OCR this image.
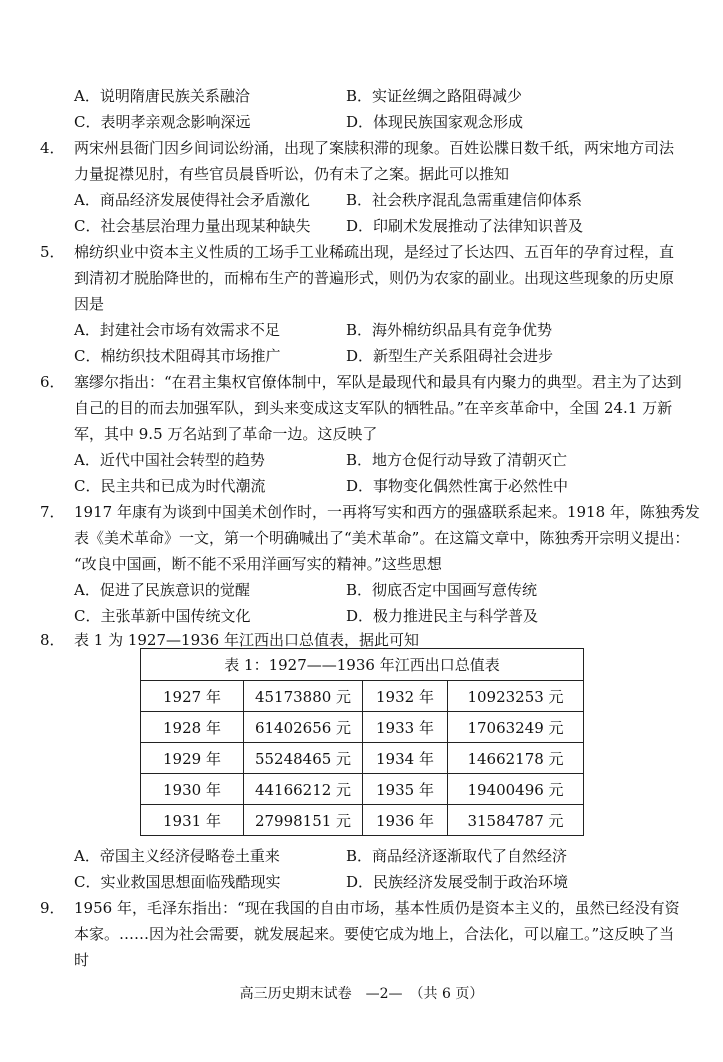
A．说明隋唐民族关系融洽	B．实证丝绸之路阻碍减少
C．表明孝亲观念影响深远	D．体现民族国家观念形成
4． 两宋州县衙门因乡间词讼纷涌，出现了案牍积滞的现象。百姓讼牒日数千纸，两宋地方司法
力量捉襟见肘，有些官员晨昏听讼，仍有未了之案。据此可以推知
A．商品经济发展使得社会矛盾激化 B．社会秩序混乱急需重建信仰体系
C．社会基层治理力量出现某种缺失 D．印刷术发展推动了法律知识普及
5． 棉纺织业中资本主义性质的工场手工业稀疏出现，是经过了长达四、五百年的孕育过程，直
到清初才脱胎降世的，而棉布生产的普遍形式，则仍为农家的副业。出现这些现象的历史原
因是
A．封建社会市场有效需求不足	B．海外棉纺织品具有竞争优势
C．棉纺织技术阻碍其市场推广	D．新型生产关系阻碍社会进步
6． 塞缪尔指出：“在君主集权官僚体制中，军队是最现代和最具有内聚力的典型。君主为了达到
自己的目的而去加强军队，到头来变成这支军队的牺牲品。”在辛亥革命中，全国 24.1 万新
军，其中 9.5 万名站到了革命一边。这反映了
A．近代中国社会转型的趋势	B．地方仓促行动导致了清朝灭亡
C．民主共和已成为时代潮流	D．事物变化偶然性寓于必然性中
7． 1917 年康有为谈到中国美术创作时，一再将写实和西方的强盛联系起来。1918 年，陈独秀发
表《美术革命》一文，第一个明确喊出了“美术革命”。在这篇文章中，陈独秀开宗明义提出：
“改良中国画，断不能不采用洋画写实的精神。”这些思想
A．促进了民族意识的觉醒	B．彻底否定中国画写意传统
C．主张革新中国传统文化	D．极力推进民主与科学普及
8． 表 1 为 1927—1936 年江西出口总值表，据此可知
表 1：1927——1936 年江西出口总值表			
1927 年	45173880 元	1932 年	10923253 元
1928 年	61402656 元	1933 年	17063249 元
1929 年	55248465 元	1934 年	14662178 元
1930 年	44166212 元	1935 年	19400496 元
1931 年	27998151 元	1936 年	31584787 元
A．帝国主义经济侵略卷土重来	B．商品经济逐渐取代了自然经济
C．实业救国思想面临残酷现实	D．民族经济发展受制于政治环境
9． 1956 年，毛泽东指出：“现在我国的自由市场，基本性质仍是资本主义的，虽然已经没有资
本家。……因为社会需要，就发展起来。要使它成为地上，合法化，可以雇工。”这反映了当
时
高三历史期末试卷　—2—　（共 6 页）
